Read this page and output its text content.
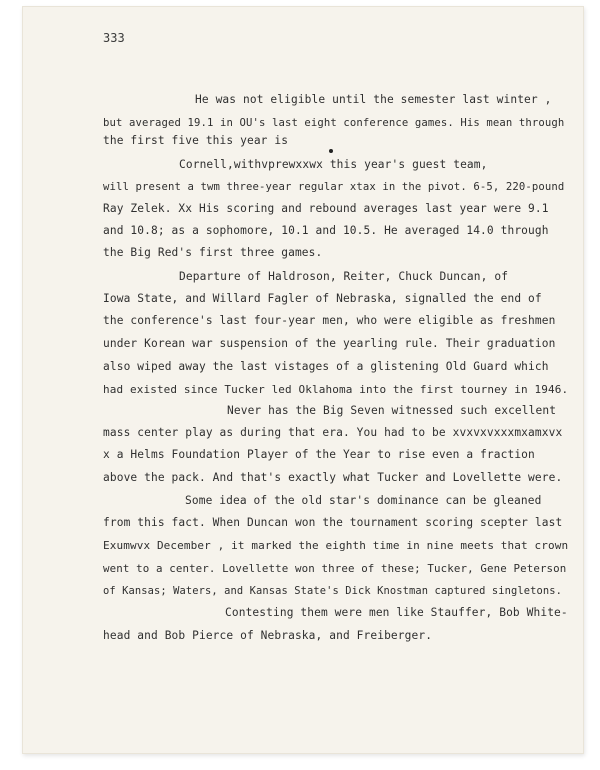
333

He was not eligible until the semester last winter ,
but averaged 19.1 in OU's last eight conference games. His mean through
the first five this year is
Cornell,withvprewxxwx this year's guest team,
will present a twm three-year regular xtax in the pivot. 6-5, 220-pound
Ray Zelek. Xx His scoring and rebound averages last year were 9.1
and 10.8; as a sophomore, 10.1 and 10.5. He averaged 14.0 through
the Big Red's first three games.
Departure of Haldroson, Reiter, Chuck Duncan, of
Iowa State, and Willard Fagler of Nebraska, signalled the end of
the conference's last four-year men, who were eligible as freshmen
under Korean war suspension of the yearling rule. Their graduation
also wiped away the last vistages of a glistening Old Guard which
had existed since Tucker led Oklahoma into the first tourney in 1946.
Never has the Big Seven witnessed such excellent
mass center play as during that era. You had to be xvxvxvxxxmxamxvx
x a Helms Foundation Player of the Year to rise even a fraction
above the pack. And that's exactly what Tucker and Lovellette were.
Some idea of the old star's dominance can be gleaned
from this fact. When Duncan won the tournament scoring scepter last
Exumwvx December , it marked the eighth time in nine meets that crown
went to a center. Lovellette won three of these; Tucker, Gene Peterson
of Kansas; Waters, and Kansas State's Dick Knostman captured singletons.
Contesting them were men like Stauffer, Bob White-
head and Bob Pierce of Nebraska, and Freiberger.
